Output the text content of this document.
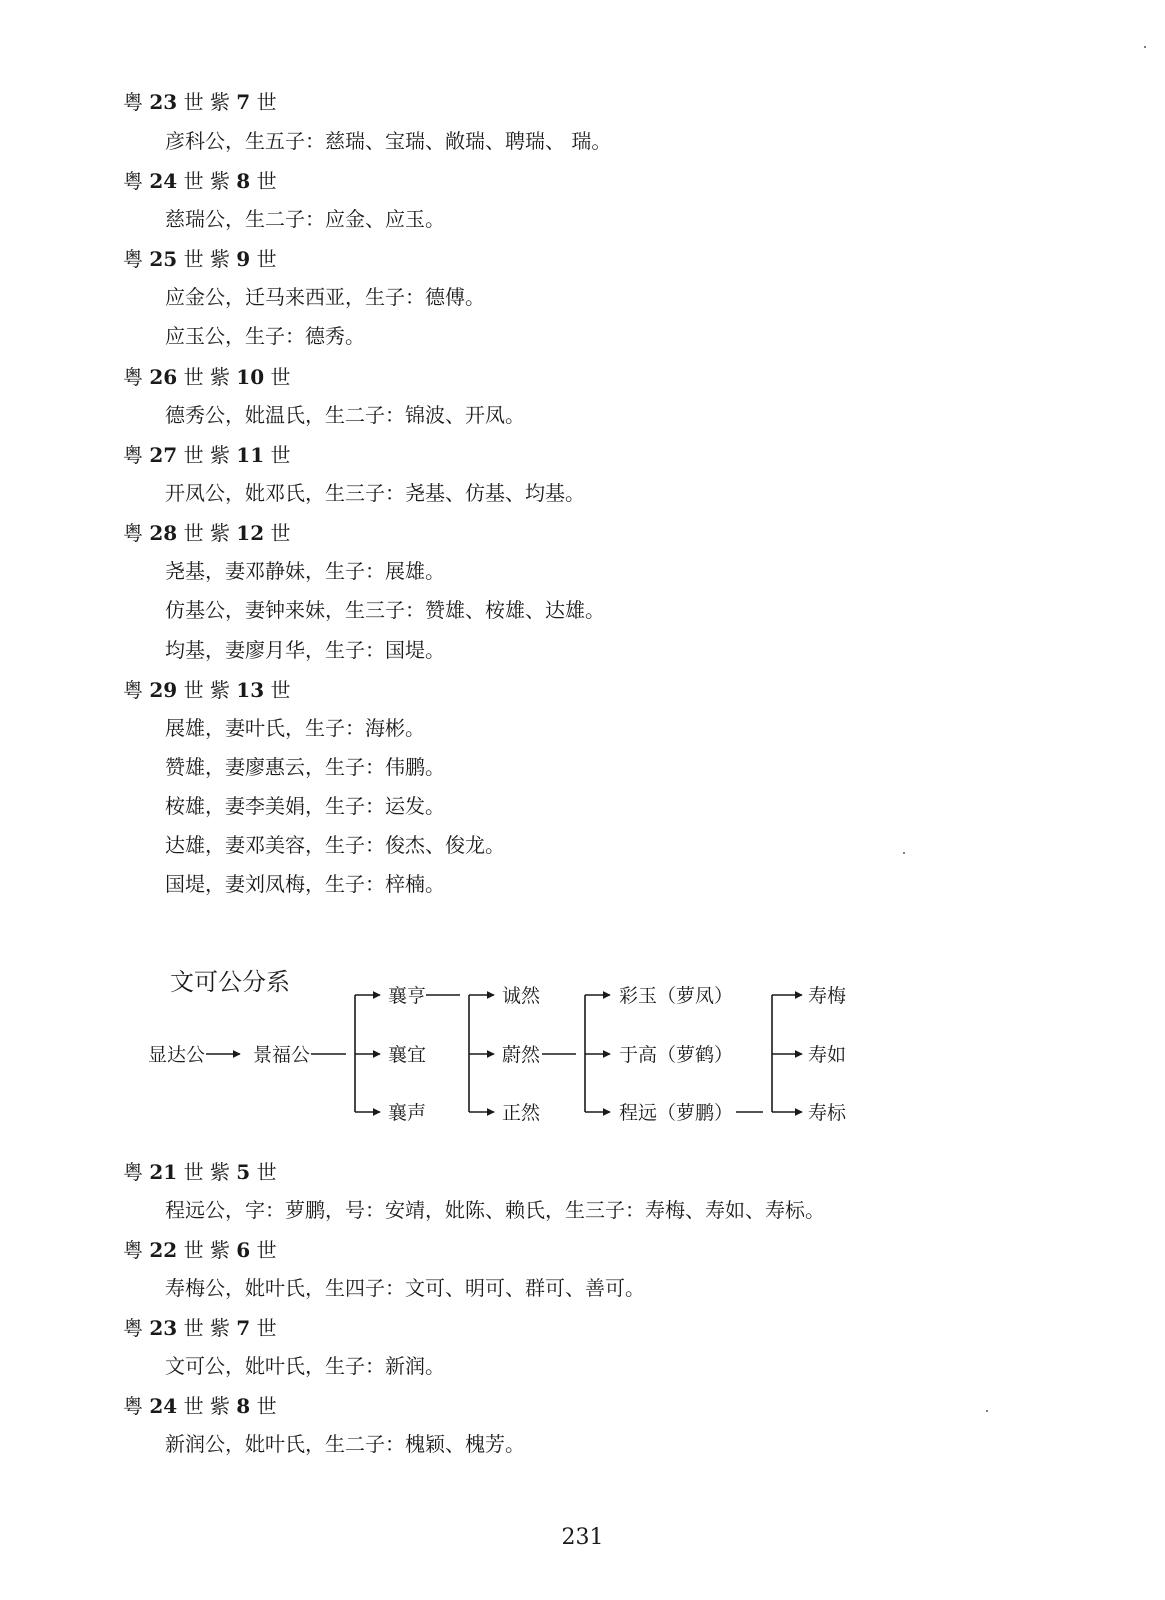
粤 23 世 紫 7 世
彦科公，生五子：慈瑞、宝瑞、敞瑞、聘瑞、 瑞。
粤 24 世 紫 8 世
慈瑞公，生二子：应金、应玉。
粤 25 世 紫 9 世
应金公，迁马来西亚，生子：德傅。
应玉公，生子：德秀。
粤 26 世 紫 10 世
德秀公，妣温氏，生二子：锦波、开凤。
粤 27 世 紫 11 世
开凤公，妣邓氏，生三子：尧基、仿基、均基。
粤 28 世 紫 12 世
尧基，妻邓静妹，生子：展雄。
仿基公，妻钟来妹，生三子：赞雄、桉雄、达雄。
均基，妻廖月华，生子：国堤。
粤 29 世 紫 13 世
展雄，妻叶氏，生子：海彬。
赞雄，妻廖惠云，生子：伟鹏。
桉雄，妻李美娟，生子：运发。
达雄，妻邓美容，生子：俊杰、俊龙。
国堤，妻刘凤梅，生子：梓楠。
文可公分系
显达公	景福公
襄亨
襄宜
襄声
诚然
蔚然
正然
彩玉（萝凤）
于高（萝鹤）
程远（萝鹏）
寿梅
寿如
寿标
粤 21 世 紫 5 世
程远公，字：萝鹏，号：安靖，妣陈、赖氏，生三子：寿梅、寿如、寿标。
粤 22 世 紫 6 世
寿梅公，妣叶氏，生四子：文可、明可、群可、善可。
粤 23 世 紫 7 世
文可公，妣叶氏，生子：新润。
粤 24 世 紫 8 世
新润公，妣叶氏，生二子：槐颖、槐芳。
231
